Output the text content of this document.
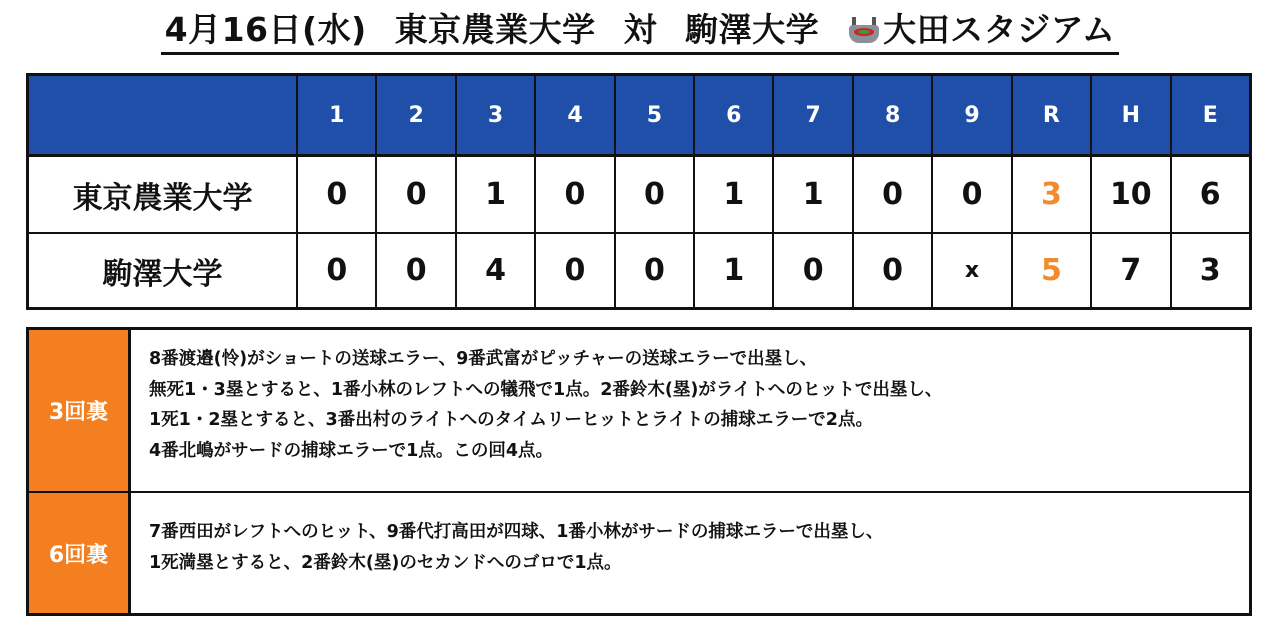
4月16日(水) 東京農業大学 対 駒澤大学 大田スタジアム
1	2	3	4	5	6	7	8	9	R	H	E
東京農業大学	0	0	1	0	0	1	1	0	0	3	10	6
駒澤大学	0	0	4	0	0	1	0	0	x	5	7	3
3回裏
8番渡邉(怜)がショートの送球エラー、9番武富がピッチャーの送球エラーで出塁し、
無死1・3塁とすると、1番小林のレフトへの犠飛で1点。2番鈴木(塁)がライトへのヒットで出塁し、
1死1・2塁とすると、3番出村のライトへのタイムリーヒットとライトの捕球エラーで2点。
4番北嶋がサードの捕球エラーで1点。この回4点。
6回裏
7番西田がレフトへのヒット、9番代打高田が四球、1番小林がサードの捕球エラーで出塁し、
1死満塁とすると、2番鈴木(塁)のセカンドへのゴロで1点。
